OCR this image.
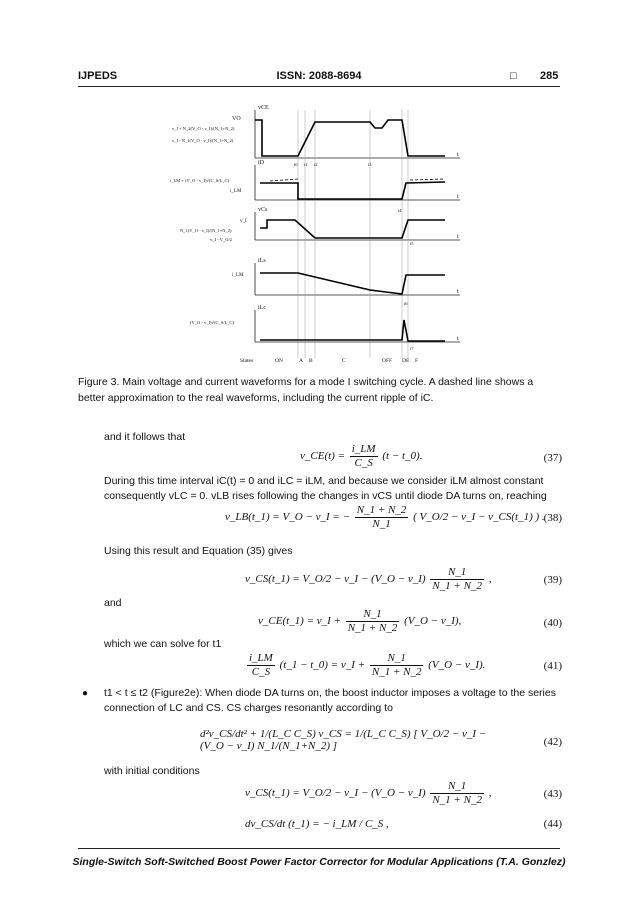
IJPEDS	ISSN: 2088-8694	□ 285
vCE
iD
vCs
iLs
iLc
VO
v_I + N_2(V_O - v_I)/(N_1+N_2)
v_I - N_1(V_O - v_I)/(N_1+N_2)
i_LM + (V_O - v_I)√(C_S/L_C)
i_LM
v_I
N_1(V_O - v_I)/(N_1+N_2)
v_I - V_O/2
i_LM
(V_O - v_I)√(C_S/L_C)
t0 t1 t2	t3
t4
t5
t6
t7
t
t
t
t
t
States	ON	A B	C	OFF DE F
Figure 3. Main voltage and current waveforms for a mode I switching cycle. A dashed line shows a better approximation to the real waveforms, including the current ripple of iC.
and it follows that
v_CE(t) = $\frac{i\_LM}{C\_S} (t$ − t_0).	(37)
During this time interval iC(t) = 0 and iLC = iLM, and because we consider iLM almost constant consequently vLC = 0. vLB rises following the changes in vCS until diode DA turns on, reaching
v_LB(t_1) = V_O − v_I = − $\frac{N\_1 + N\_2}{N\_1}$ ( V_O/2 − v_I − v_CS(t_1) ) . (38)
Using this result and Equation (35) gives
v_CS(t_1) = V_O/2 − v_I − (V_O − v_I) $\frac{N\_1}{N\_1 + N\_2}$ ,	(39)
and
v_CE(t_1) = v_I + $\frac{N\_1}{N\_1 + N\_2}$ (V_O − v_I),	(40)
which we can solve for t1
$\frac{i\_LM}{C\_S}$ (t_1 − t_0) = v_I + $\frac{N\_1}{N\_1 + N\_2}$ (V_O − v_I).	(41)
● t1 < t ≤ t2 (Figure2e): When diode DA turns on, the boost inductor imposes a voltage to the series connection of LC and CS. CS charges resonantly according to
d²v_CS/dt² + 1/(L_C C_S) v_CS = 1/(L_C C_S) [ V_O/2 − v_I − (V_O − v_I) N_1/(N_1+N_2) ]	(42)
with initial conditions
v_CS(t_1) = V_O/2 − v_I − (V_O − v_I) $\frac{N\_1}{N\_1 + N\_2}$ ,	(43)
dv_CS/dt (t_1) = − i_LM / C_S ,	(44)
Single-Switch Soft-Switched Boost Power Factor Corrector for Modular Applications (T.A. Gonzlez)
